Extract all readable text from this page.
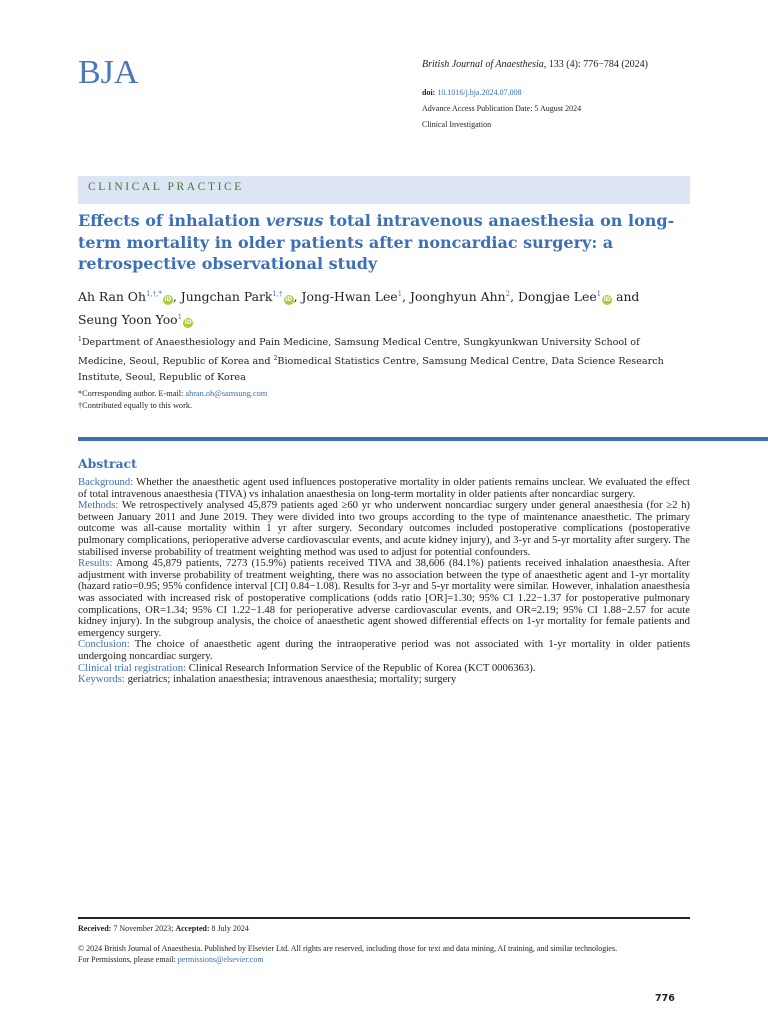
BJA	British Journal of Anaesthesia, 133 (4): 776−784 (2024)
doi: 10.1016/j.bja.2024.07.008
Advance Access Publication Date: 5 August 2024
Clinical Investigation
CLINICAL PRACTICE
Effects of inhalation versus total intravenous anaesthesia on long-term mortality in older patients after noncardiac surgery: a retrospective observational study
Ah Ran $Oh^{1,\dagger,*}iD$, Jungchan Park$^{1,\dagger}$iD, Jong-Hwan Lee$^1$, Joonghyun Ahn$^2$, Dongjae Lee$^1$iD and
Seung Yoon Yoo$^1$iD
$^1$Department of Anaesthesiology and Pain Medicine, Samsung Medical Centre, Sungkyunkwan University School of Medicine, Seoul, Republic of Korea and $^2$Biomedical Statistics Centre, Samsung Medical Centre, Data Science Research Institute, Seoul, Republic of Korea
*Corresponding author. E-mail: ahran.oh@samsung.com
†Contributed equally to this work.
Abstract

Background: Whether the anaesthetic agent used influences postoperative mortality in older patients remains unclear. We evaluated the effect of total intravenous anaesthesia (TIVA) vs inhalation anaesthesia on long-term mortality in older patients after noncardiac surgery.

Methods: We retrospectively analysed 45,879 patients aged ≥60 yr who underwent noncardiac surgery under general anaesthesia (for ≥2 h) between January 2011 and June 2019. They were divided into two groups according to the type of maintenance anaesthetic. The primary outcome was all-cause mortality within 1 yr after surgery. Secondary outcomes included postoperative complications (postoperative pulmonary complications, perioperative adverse cardiovascular events, and acute kidney injury), and 3-yr and 5-yr mortality after surgery. The stabilised inverse probability of treatment weighting method was used to adjust for potential confounders.

Results: Among 45,879 patients, 7273 (15.9%) patients received TIVA and 38,606 (84.1%) patients received inhalation anaesthesia. After adjustment with inverse probability of treatment weighting, there was no association between the type of anaesthetic agent and 1-yr mortality (hazard ratio=0.95; 95% confidence interval [CI] 0.84−1.08). Results for 3-yr and 5-yr mortality were similar. However, inhalation anaesthesia was associated with increased risk of postoperative complications (odds ratio [OR]=1.30; 95% CI 1.22−1.37 for postoperative pulmonary complications, OR=1.34; 95% CI 1.22−1.48 for perioperative adverse cardiovascular events, and OR=2.19; 95% CI 1.88−2.57 for acute kidney injury). In the subgroup analysis, the choice of anaesthetic agent showed differential effects on 1-yr mortality for female patients and emergency surgery.

Conclusion: The choice of anaesthetic agent during the intraoperative period was not associated with 1-yr mortality in older patients undergoing noncardiac surgery.

Clinical trial registration: Clinical Research Information Service of the Republic of Korea (KCT 0006363).

Keywords: geriatrics; inhalation anaesthesia; intravenous anaesthesia; mortality; surgery

Received: 7 November 2023; Accepted: 8 July 2024
© 2024 British Journal of Anaesthesia. Published by Elsevier Ltd. All rights are reserved, including those for text and data mining, AI training, and similar technologies.
For Permissions, please email: permissions@elsevier.com
776
